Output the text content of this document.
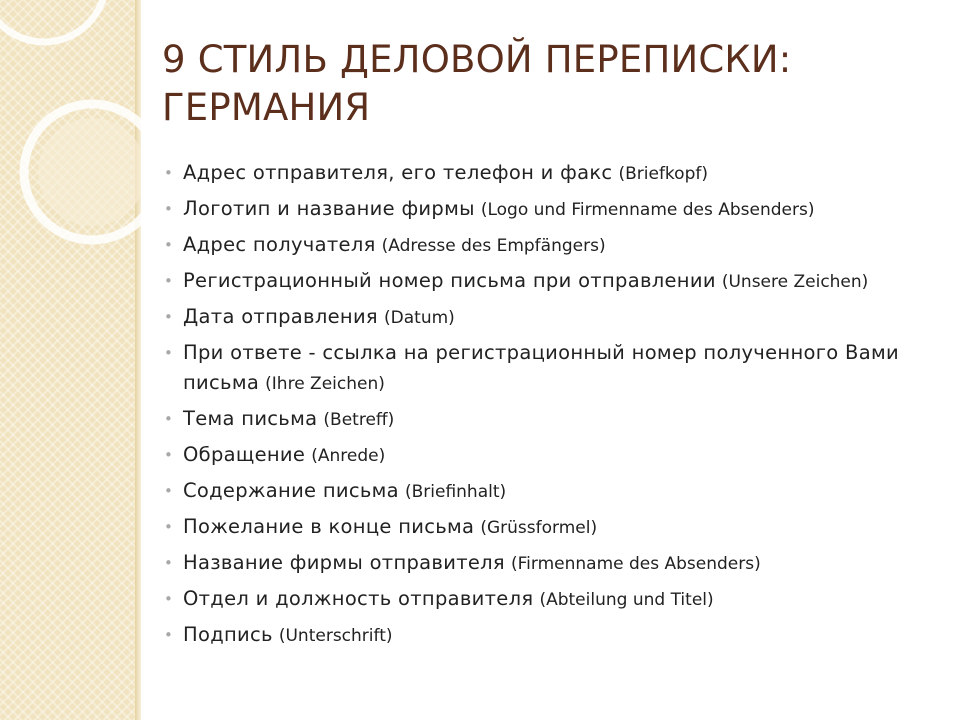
9 СТИЛЬ ДЕЛОВОЙ ПЕРЕПИСКИ: ГЕРМАНИЯ
• Адрес отправителя, его телефон и факс (Briefkopf)
• Логотип и название фирмы (Logo und Firmenname des Absenders)
• Адрес получателя (Adresse des Empfängers)
• Регистрационный номер письма при отправлении (Unsere Zeichen)
• Дата отправления (Datum)
• При ответе - ссылка на регистрационный номер полученного Вами письма (Ihre Zeichen)
• Тема письма (Betreff)
• Обращение (Anrede)
• Содержание письма (Briefinhalt)
• Пожелание в конце письма (Grüssformel)
• Название фирмы отправителя (Firmenname des Absenders)
• Отдел и должность отправителя (Abteilung und Titel)
• Подпись (Unterschrift)
